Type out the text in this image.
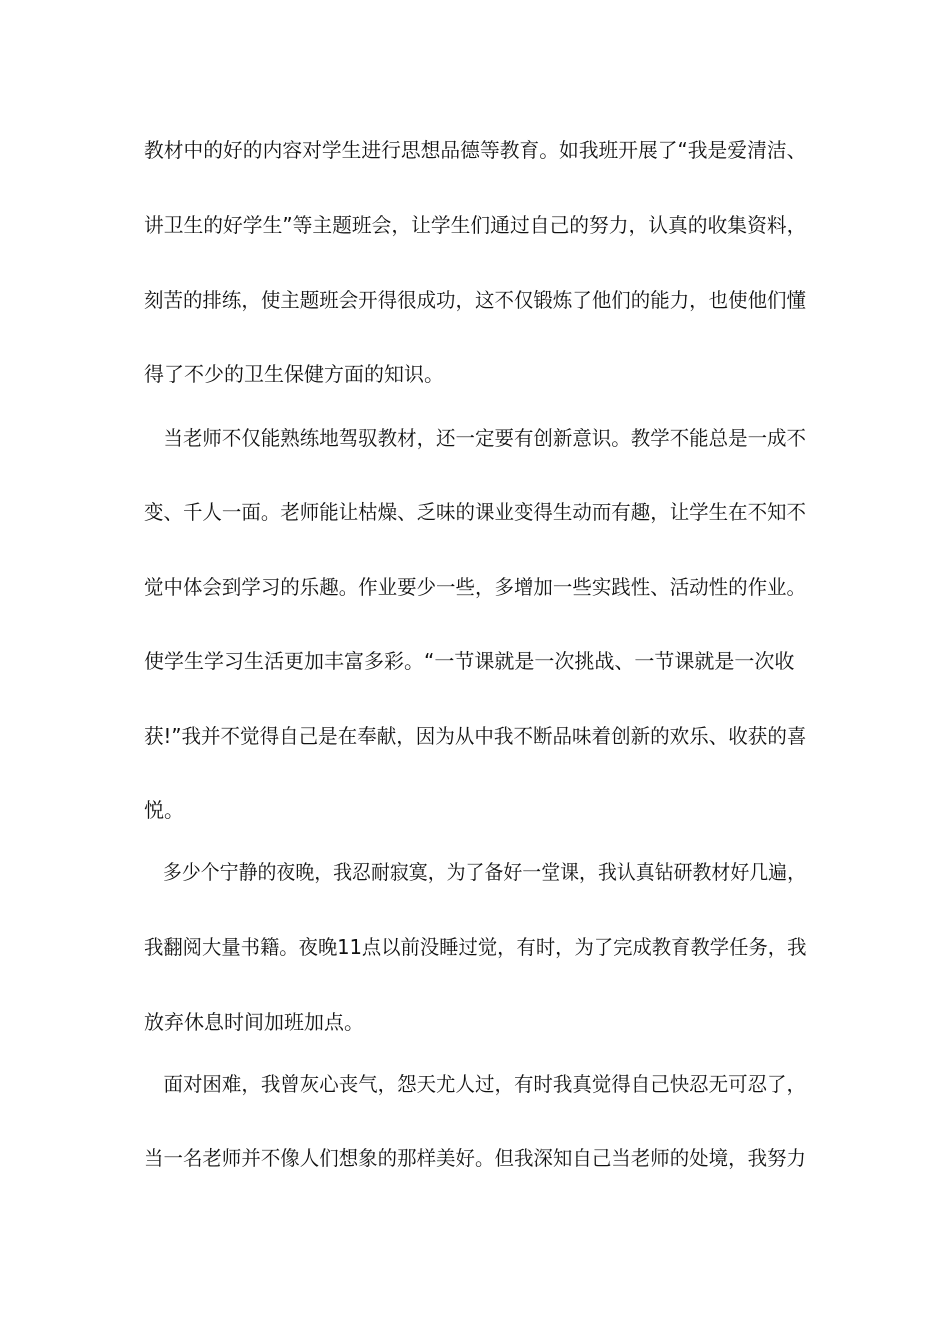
教材中的好的内容对学生进行思想品德等教育。如我班开展了“我是爱清洁、
讲卫生的好学生”等主题班会，让学生们通过自己的努力，认真的收集资料，
刻苦的排练，使主题班会开得很成功，这不仅锻炼了他们的能力，也使他们懂
得了不少的卫生保健方面的知识。
　当老师不仅能熟练地驾驭教材，还一定要有创新意识。教学不能总是一成不
变、千人一面。老师能让枯燥、乏味的课业变得生动而有趣，让学生在不知不
觉中体会到学习的乐趣。作业要少一些，多增加一些实践性、活动性的作业。
使学生学习生活更加丰富多彩。“一节课就是一次挑战、一节课就是一次收
获!”我并不觉得自己是在奉献，因为从中我不断品味着创新的欢乐、收获的喜
悦。
　多少个宁静的夜晚，我忍耐寂寞，为了备好一堂课，我认真钻研教材好几遍，
我翻阅大量书籍。夜晚11点以前没睡过觉，有时，为了完成教育教学任务，我
放弃休息时间加班加点。
　面对困难，我曾灰心丧气，怨天尤人过，有时我真觉得自己快忍无可忍了，
当一名老师并不像人们想象的那样美好。但我深知自己当老师的处境，我努力
